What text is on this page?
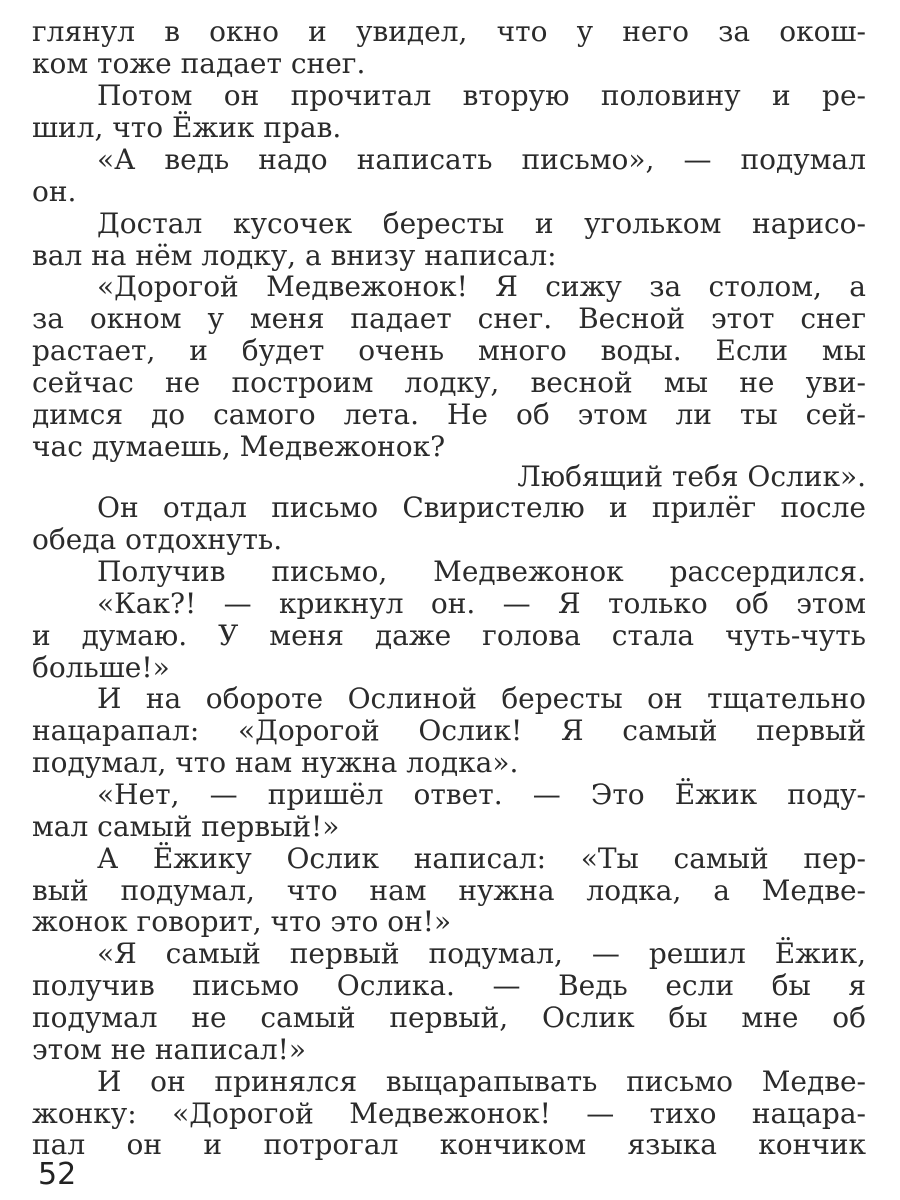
глянул в окно и увидел, что у него за окош-
ком тоже падает снег.
Потом он прочитал вторую половину и ре-
шил, что Ёжик прав.
«А ведь надо написать письмо», — подумал
он.
Достал кусочек бересты и угольком нарисо-
вал на нём лодку, а внизу написал:
«Дорогой Медвежонок! Я сижу за столом, а
за окном у меня падает снег. Весной этот снег
растает, и будет очень много воды. Если мы
сейчас не построим лодку, весной мы не уви-
димся до самого лета. Не об этом ли ты сей-
час думаешь, Медвежонок?
Любящий тебя Ослик».
Он отдал письмо Свиристелю и прилёг после
обеда отдохнуть.
Получив письмо, Медвежонок рассердился.
«Как?! — крикнул он. — Я только об этом
и думаю. У меня даже голова стала чуть-чуть
больше!»
И на обороте Ослиной бересты он тщательно
нацарапал: «Дорогой Ослик! Я самый первый
подумал, что нам нужна лодка».
«Нет, — пришёл ответ. — Это Ёжик поду-
мал самый первый!»
А Ёжику Ослик написал: «Ты самый пер-
вый подумал, что нам нужна лодка, а Медве-
жонок говорит, что это он!»
«Я самый первый подумал, — решил Ёжик,
получив письмо Ослика. — Ведь если бы я
подумал не самый первый, Ослик бы мне об
этом не написал!»
И он принялся выцарапывать письмо Медве-
жонку: «Дорогой Медвежонок! — тихо нацара-
пал он и потрогал кончиком языка кончик
52
